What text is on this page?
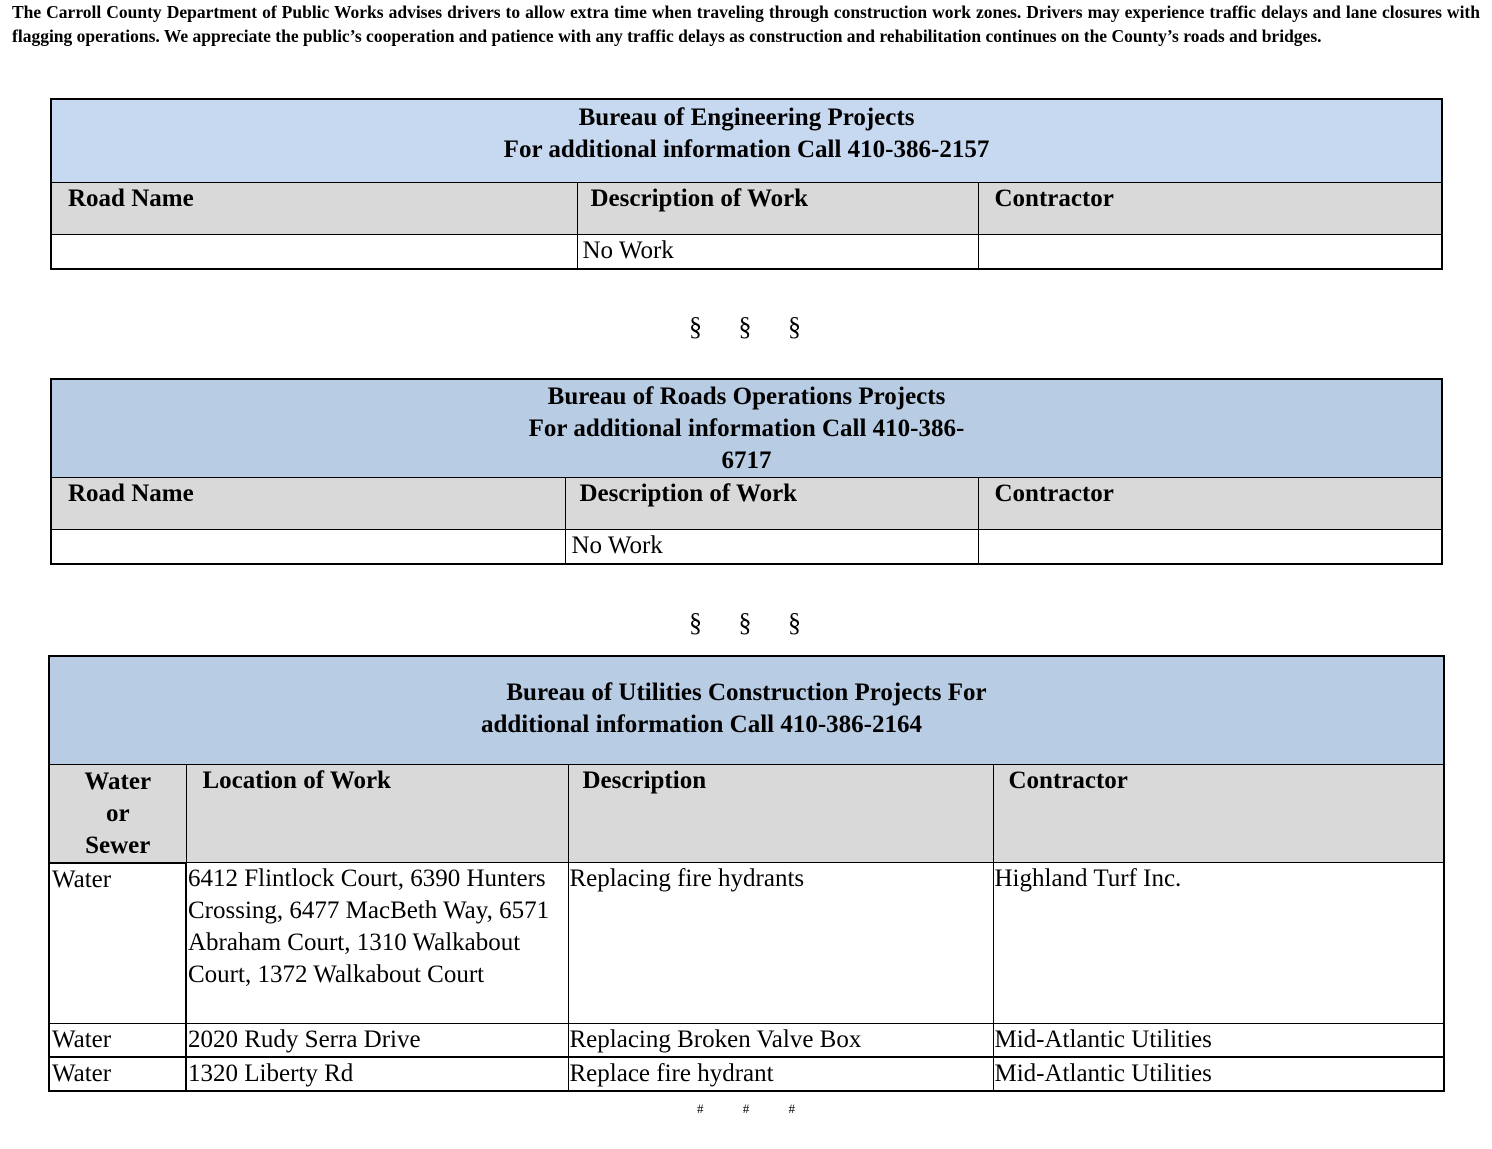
The Carroll County Department of Public Works advises drivers to allow extra time when traveling through construction work zones. Drivers may experience traffic delays and lane closures with flagging operations. We appreciate the public’s cooperation and patience with any traffic delays as construction and rehabilitation continues on the County’s roads and bridges.
Bureau of Engineering Projects
For additional information Call 410-386-2157		

Road Name	Description of Work	Contractor
	No Work	
§ § §
Bureau of Roads Operations Projects
For additional information Call 410-386-
6717		

Road Name	Description of Work	Contractor
	No Work	
§ § §
Bureau of Utilities Construction Projects For
additional information Call 410-386-2164			

Water
or
Sewer	Location of Work	Description	Contractor
Water	6412 Flintlock Court, 6390 Hunters Crossing, 6477 MacBeth Way, 6571 Abraham Court, 1310 Walkabout Court, 1372 Walkabout Court	Replacing fire hydrants	Highland Turf Inc.
Water	2020 Rudy Serra Drive	Replacing Broken Valve Box	Mid-Atlantic Utilities
Water	1320 Liberty Rd	Replace fire hydrant	Mid-Atlantic Utilities
# # #
